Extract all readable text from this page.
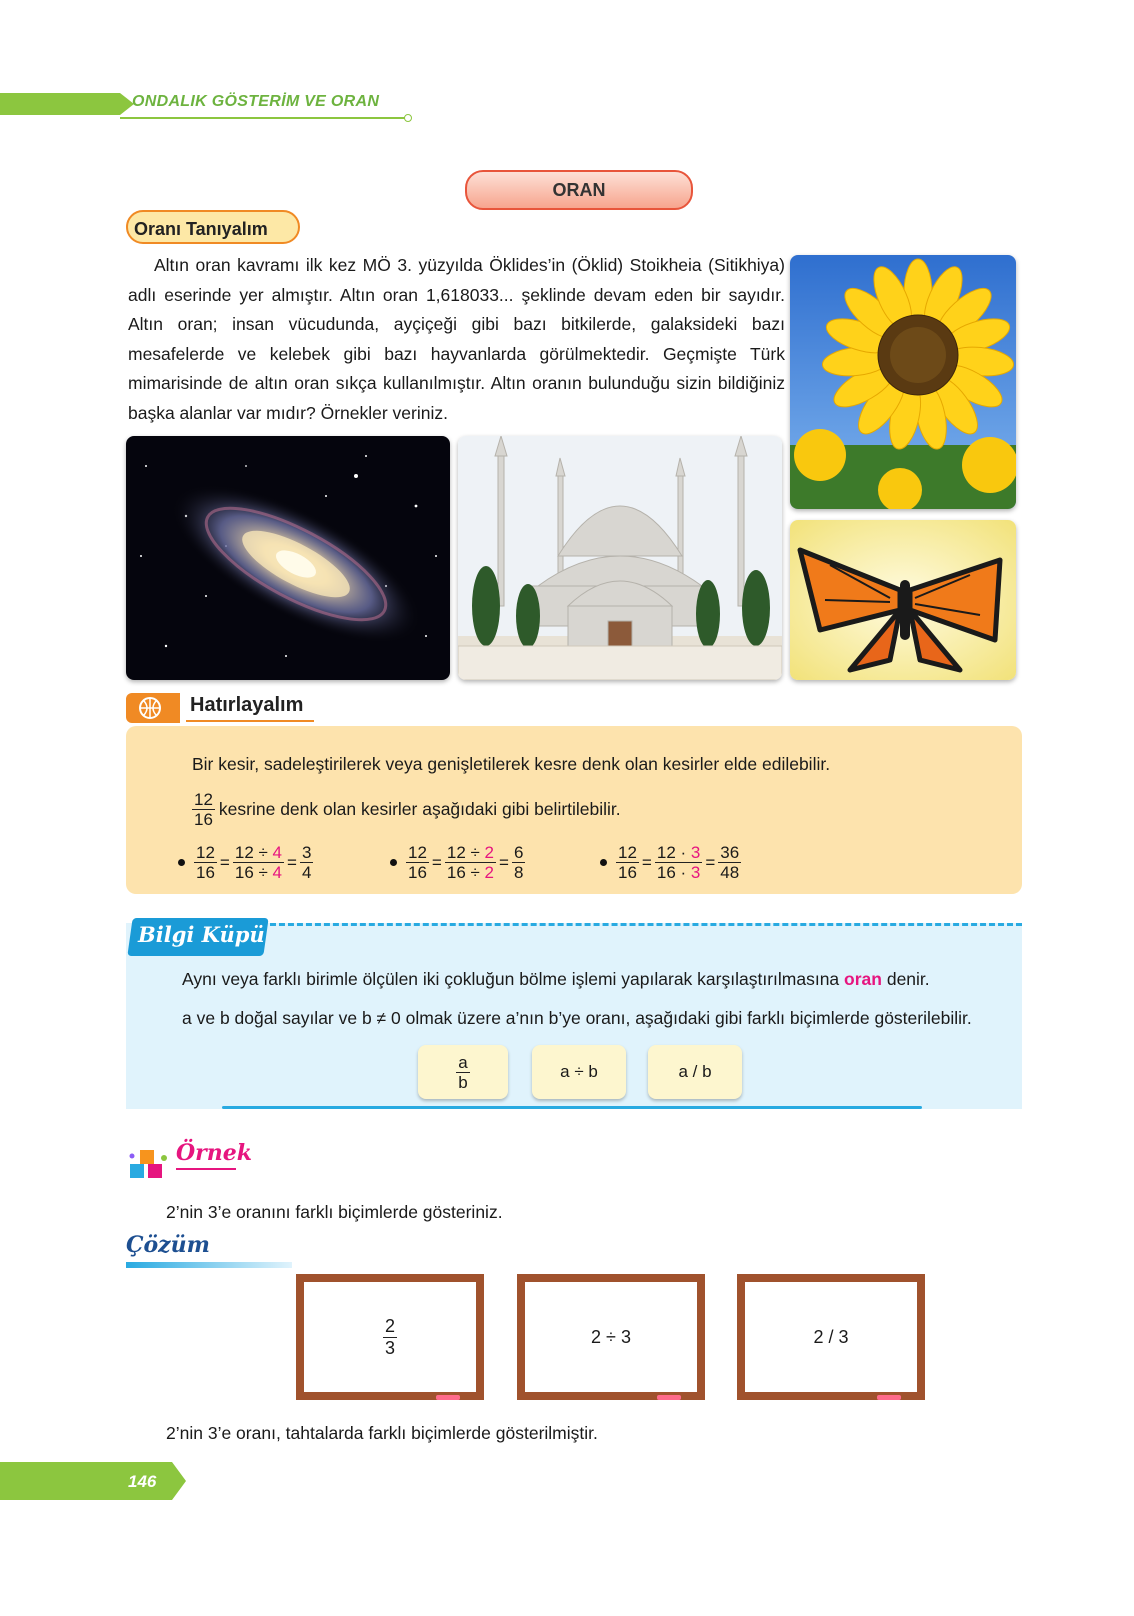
ONDALIK GÖSTERİM VE ORAN
ORAN
Oranı Tanıyalım
Altın oran kavramı ilk kez MÖ 3. yüzyılda Öklides’in (Öklid) Stoikheia (Sitikhiya) adlı eserinde yer almıştır. Altın oran 1,618033... şeklinde devam eden bir sayıdır. Altın oran; insan vücudunda, ayçiçeği gibi bazı bitkilerde, galaksideki bazı mesafelerde ve kelebek gibi bazı hayvanlarda görülmektedir. Geçmişte Türk mimarisinde de altın oran sıkça kullanılmıştır. Altın oranın bulunduğu sizin bildiğiniz başka alanlar var mıdır? Örnekler veriniz.
Hatırlayalım
Bir kesir, sadeleştirilerek veya genişletilerek kesre denk olan kesirler elde edilebilir.
$\frac{12}{16}$ kesrine denk olan kesirler aşağıdaki gibi belirtilebilir.
$\frac{12}{16} = \frac{12 \div 4}{16 \div 4} = \frac{3}{4}$	$\frac{12}{16} = \frac{12 \div 2}{16 \div 2} = \frac{6}{8}$	$\frac{12}{16} = \frac{12 \cdot 3}{16 \cdot 3} = \frac{36}{48}$
Bilgi Küpü
Aynı veya farklı birimle ölçülen iki çokluğun bölme işlemi yapılarak karşılaştırılmasına oran denir.
a ve b doğal sayılar ve b ≠ 0 olmak üzere a’nın b’ye oranı, aşağıdaki gibi farklı biçimlerde gösterilebilir.
$\frac{a}{b}$	a ÷ b	a / b
Örnek
2’nin 3’e oranını farklı biçimlerde gösteriniz.
Çözüm
$\frac{2}{3}$	2 ÷ 3	2 / 3
2’nin 3’e oranı, tahtalarda farklı biçimlerde gösterilmiştir.
146
